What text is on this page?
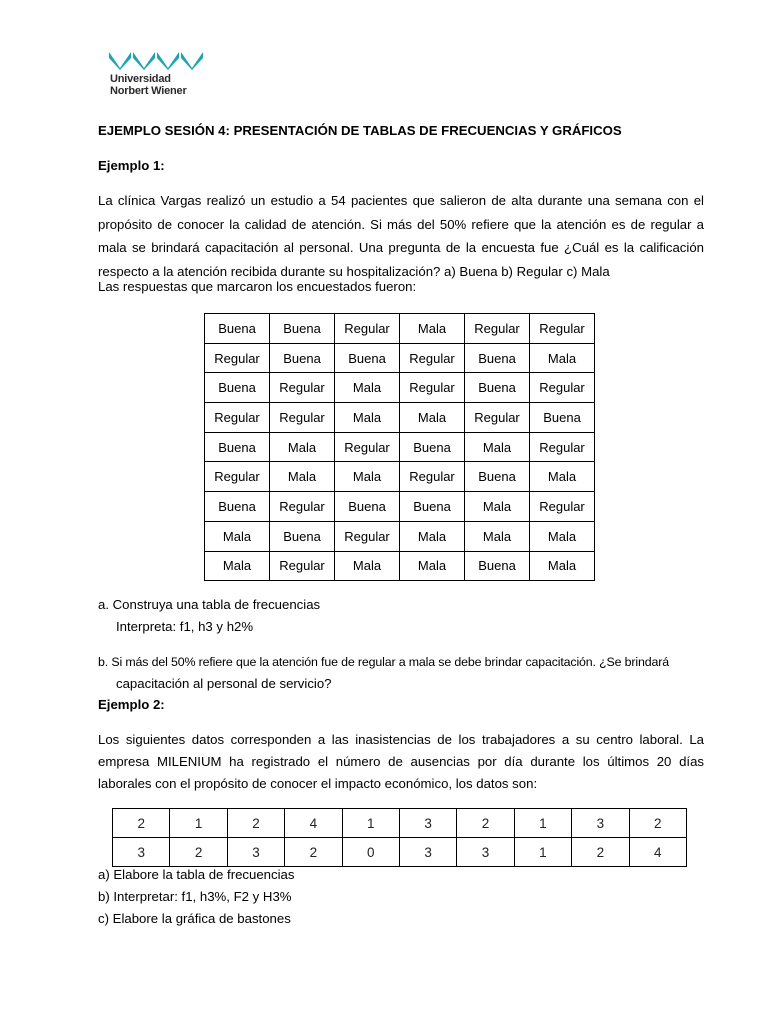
Universidad
Norbert Wiener
EJEMPLO SESIÓN 4: PRESENTACIÓN DE TABLAS DE FRECUENCIAS Y GRÁFICOS
Ejemplo 1:
La clínica Vargas realizó un estudio a 54 pacientes que salieron de alta durante una semana con el propósito de conocer la calidad de atención. Si más del 50% refiere que la atención es de regular a mala se brindará capacitación al personal. Una pregunta de la encuesta fue ¿Cuál es la calificación respecto a la atención recibida durante su hospitalización? a) Buena b) Regular c) Mala
Las respuestas que marcaron los encuestados fueron:
Buena	Buena	Regular	Mala	Regular	Regular
Regular	Buena	Buena	Regular	Buena	Mala
Buena	Regular	Mala	Regular	Buena	Regular
Regular	Regular	Mala	Mala	Regular	Buena
Buena	Mala	Regular	Buena	Mala	Regular
Regular	Mala	Mala	Regular	Buena	Mala
Buena	Regular	Buena	Buena	Mala	Regular
Mala	Buena	Regular	Mala	Mala	Mala
Mala	Regular	Mala	Mala	Buena	Mala
a. Construya una tabla de frecuencias
Interpreta: f1, h3 y h2%
b. Si más del 50% refiere que la atención fue de regular a mala se debe brindar capacitación. ¿Se brindará
capacitación al personal de servicio?
Ejemplo 2:
Los siguientes datos corresponden a las inasistencias de los trabajadores a su centro laboral. La empresa MILENIUM ha registrado el número de ausencias por día durante los últimos 20 días laborales con el propósito de conocer el impacto económico, los datos son:
2	1	2	4	1	3	2	1	3	2
3	2	3	2	0	3	3	1	2	4
a) Elabore la tabla de frecuencias
b) Interpretar: f1, h3%, F2 y H3%
c) Elabore la gráfica de bastones
